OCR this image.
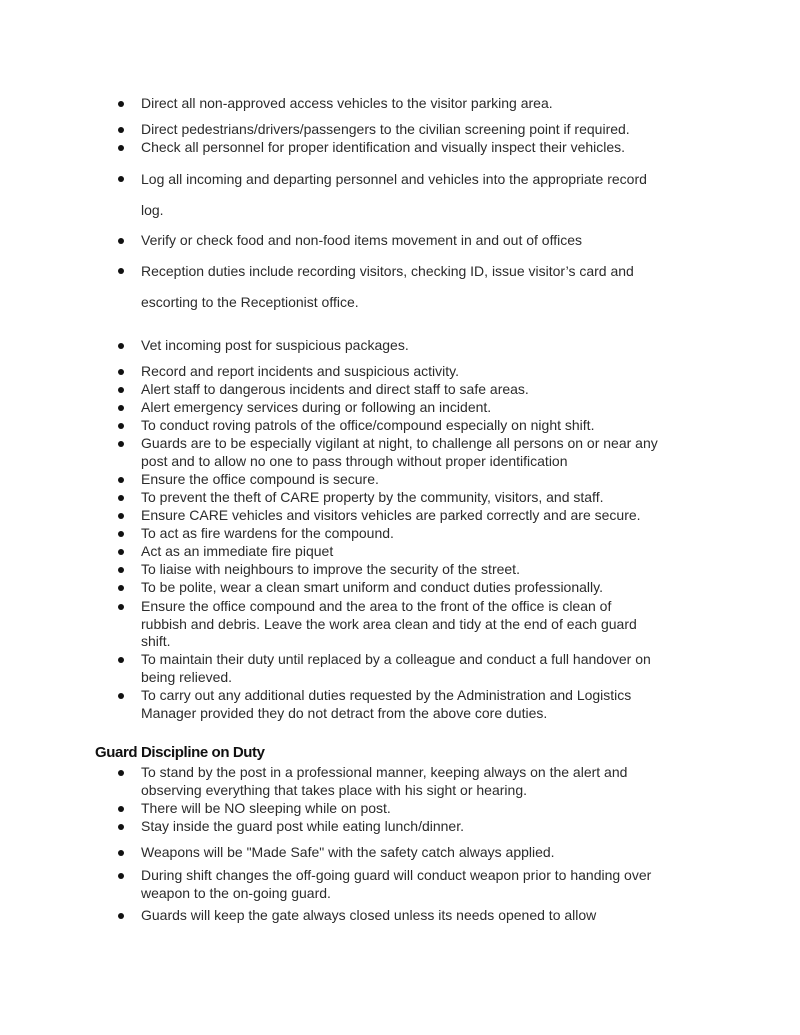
Direct all non-approved access vehicles to the visitor parking area.
Direct pedestrians/drivers/passengers to the civilian screening point if required.
Check all personnel for proper identification and visually inspect their vehicles.
Log all incoming and departing personnel and vehicles into the appropriate record log.
Verify or check food and non-food items movement in and out of offices
Reception duties include recording visitors, checking ID, issue visitor’s card and escorting to the Receptionist office.
Vet incoming post for suspicious packages.
Record and report incidents and suspicious activity.
Alert staff to dangerous incidents and direct staff to safe areas.
Alert emergency services during or following an incident.
To conduct roving patrols of the office/compound especially on night shift.
Guards are to be especially vigilant at night, to challenge all persons on or near any post and to allow no one to pass through without proper identification
Ensure the office compound is secure.
To prevent the theft of CARE property by the community, visitors, and staff.
Ensure CARE vehicles and visitors vehicles are parked correctly and are secure.
To act as fire wardens for the compound.
Act as an immediate fire piquet
To liaise with neighbours to improve the security of the street.
To be polite, wear a clean smart uniform and conduct duties professionally.
Ensure the office compound and the area to the front of the office is clean of rubbish and debris. Leave the work area clean and tidy at the end of each guard shift.
To maintain their duty until replaced by a colleague and conduct a full handover on being relieved.
To carry out any additional duties requested by the Administration and Logistics Manager provided they do not detract from the above core duties.
Guard Discipline on Duty
To stand by the post in a professional manner, keeping always on the alert and observing everything that takes place with his sight or hearing.
There will be NO sleeping while on post.
Stay inside the guard post while eating lunch/dinner.
Weapons will be "Made Safe" with the safety catch always applied.
During shift changes the off-going guard will conduct weapon prior to handing over weapon to the on-going guard.
Guards will keep the gate always closed unless its needs opened to allow
